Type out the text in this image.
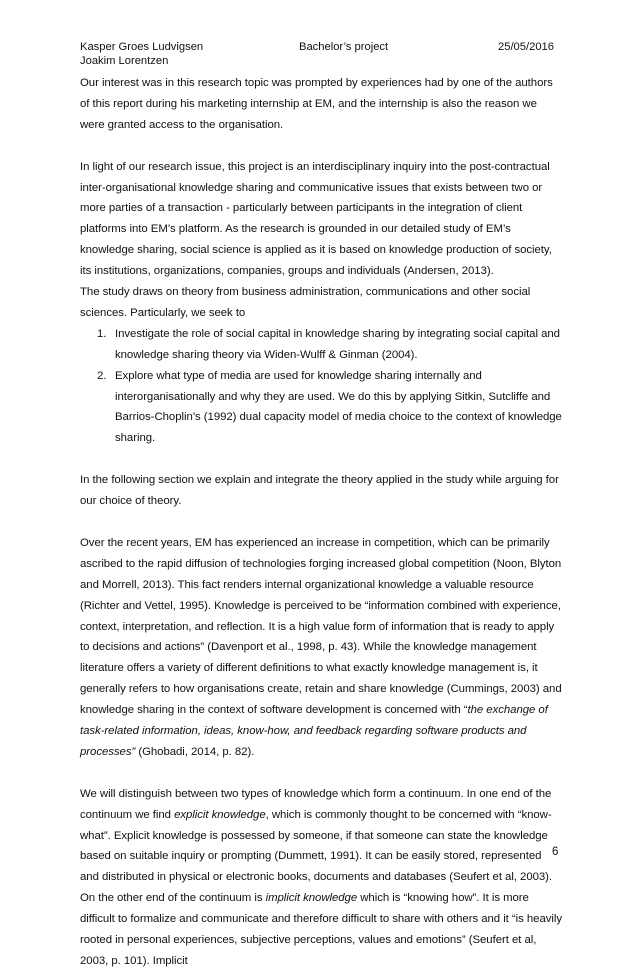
Kasper Groes Ludvigsen
Joakim Lorentzen
Bachelor’s project	25/05/2016

Our interest was in this research topic was prompted by experiences had by one of the authors of this report during his marketing internship at EM, and the internship is also the reason we were granted access to the organisation.

In light of our research issue, this project is an interdisciplinary inquiry into the post-contractual inter-organisational knowledge sharing and communicative issues that exists between two or more parties of a transaction - particularly between participants in the integration of client platforms into EM’s platform. As the research is grounded in our detailed study of EM’s knowledge sharing, social science is applied as it is based on knowledge production of society, its institutions, organizations, companies, groups and individuals (Andersen, 2013).

The study draws on theory from business administration, communications and other social sciences. Particularly, we seek to

1. Investigate the role of social capital in knowledge sharing by integrating social capital and knowledge sharing theory via Widen-Wulff & Ginman (2004).
2. Explore what type of media are used for knowledge sharing internally and interorganisationally and why they are used. We do this by applying Sitkin, Sutcliffe and Barrios-Choplin’s (1992) dual capacity model of media choice to the context of knowledge sharing.

In the following section we explain and integrate the theory applied in the study while arguing for our choice of theory.

Over the recent years, EM has experienced an increase in competition, which can be primarily ascribed to the rapid diffusion of technologies forging increased global competition (Noon, Blyton and Morrell, 2013). This fact renders internal organizational knowledge a valuable resource (Richter and Vettel, 1995). Knowledge is perceived to be “information combined with experience, context, interpretation, and reflection. It is a high value form of information that is ready to apply to decisions and actions” (Davenport et al., 1998, p. 43). While the knowledge management literature offers a variety of different definitions to what exactly knowledge management is, it generally refers to how organisations create, retain and share knowledge (Cummings, 2003) and knowledge sharing in the context of software development is concerned with “the exchange of task-related information, ideas, know-how, and feedback regarding software products and processes” (Ghobadi, 2014, p. 82).

We will distinguish between two types of knowledge which form a continuum. In one end of the continuum we find explicit knowledge, which is commonly thought to be concerned with “know-what”. Explicit knowledge is possessed by someone, if that someone can state the knowledge based on suitable inquiry or prompting (Dummett, 1991). It can be easily stored, represented and distributed in physical or electronic books, documents and databases (Seufert et al, 2003). On the other end of the continuum is implicit knowledge which is “knowing how”. It is more difficult to formalize and communicate and therefore difficult to share with others and it “is heavily rooted in personal experiences, subjective perceptions, values and emotions” (Seufert et al, 2003, p. 101). Implicit

6
